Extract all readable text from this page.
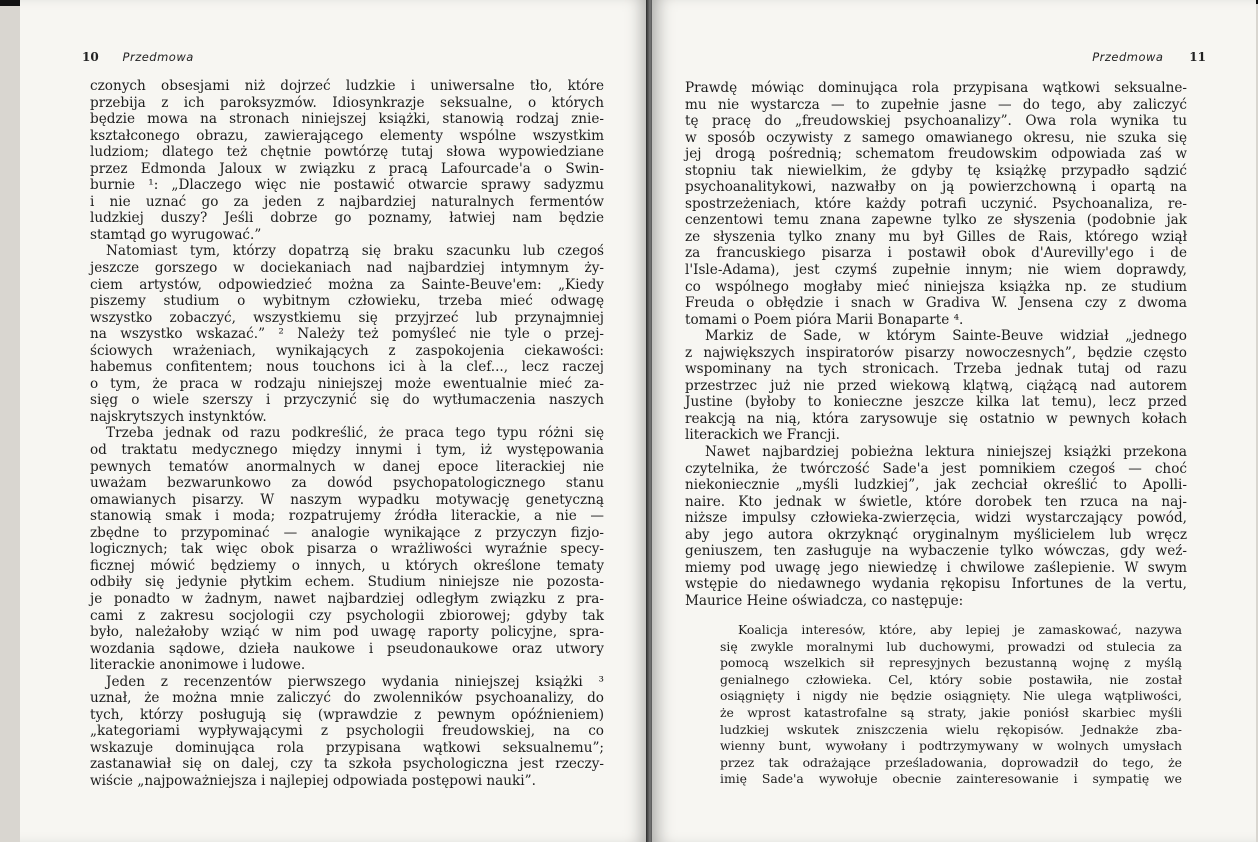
10 Przedmowa

czonych obsesjami niż dojrzeć ludzkie i uniwersalne tło, które

przebija z ich paroksyzmów. Idiosynkrazje seksualne, o których

będzie mowa na stronach niniejszej książki, stanowią rodzaj znie-

kształconego obrazu, zawierającego elementy wspólne wszystkim

ludziom; dlatego też chętnie powtórzę tutaj słowa wypowiedziane

przez Edmonda Jaloux w związku z pracą Lafourcade'a o Swin-

burnie ¹: „Dlaczego więc nie postawić otwarcie sprawy sadyzmu

i nie uznać go za jeden z najbardziej naturalnych fermentów

ludzkiej duszy? Jeśli dobrze go poznamy, łatwiej nam będzie

stamtąd go wyrugować.”

Natomiast tym, którzy dopatrzą się braku szacunku lub czegoś

jeszcze gorszego w dociekaniach nad najbardziej intymnym ży-

ciem artystów, odpowiedzieć można za Sainte-Beuve'em: „Kiedy

piszemy studium o wybitnym człowieku, trzeba mieć odwagę

wszystko zobaczyć, wszystkiemu się przyjrzeć lub przynajmniej

na wszystko wskazać.” ² Należy też pomyśleć nie tyle o przej-

ściowych wrażeniach, wynikających z zaspokojenia ciekawości:

habemus confitentem; nous touchons ici à la clef..., lecz raczej

o tym, że praca w rodzaju niniejszej może ewentualnie mieć za-

sięg o wiele szerszy i przyczynić się do wytłumaczenia naszych

najskrytszych instynktów.

Trzeba jednak od razu podkreślić, że praca tego typu różni się

od traktatu medycznego między innymi i tym, iż występowania

pewnych tematów anormalnych w danej epoce literackiej nie

uważam bezwarunkowo za dowód psychopatologicznego stanu

omawianych pisarzy. W naszym wypadku motywację genetyczną

stanowią smak i moda; rozpatrujemy źródła literackie, a nie —

zbędne to przypominać — analogie wynikające z przyczyn fizjo-

logicznych; tak więc obok pisarza o wrażliwości wyraźnie specy-

ficznej mówić będziemy o innych, u których określone tematy

odbiły się jedynie płytkim echem. Studium niniejsze nie pozosta-

je ponadto w żadnym, nawet najbardziej odległym związku z pra-

cami z zakresu socjologii czy psychologii zbiorowej; gdyby tak

było, należałoby wziąć w nim pod uwagę raporty policyjne, spra-

wozdania sądowe, dzieła naukowe i pseudonaukowe oraz utwory

literackie anonimowe i ludowe.

Jeden z recenzentów pierwszego wydania niniejszej książki ³

uznał, że można mnie zaliczyć do zwolenników psychoanalizy, do

tych, którzy posługują się (wprawdzie z pewnym opóźnieniem)

„kategoriami wypływającymi z psychologii freudowskiej, na co

wskazuje dominująca rola przypisana wątkowi seksualnemu”;

zastanawiał się on dalej, czy ta szkoła psychologiczna jest rzeczy-

wiście „najpoważniejsza i najlepiej odpowiada postępowi nauki”.

Przedmowa 11

Prawdę mówiąc dominująca rola przypisana wątkowi seksualne-

mu nie wystarcza — to zupełnie jasne — do tego, aby zaliczyć

tę pracę do „freudowskiej psychoanalizy”. Owa rola wynika tu

w sposób oczywisty z samego omawianego okresu, nie szuka się

jej drogą pośrednią; schematom freudowskim odpowiada zaś w

stopniu tak niewielkim, że gdyby tę książkę przypadło sądzić

psychoanalitykowi, nazwałby on ją powierzchowną i opartą na

spostrzeżeniach, które każdy potrafi uczynić. Psychoanaliza, re-

cenzentowi temu znana zapewne tylko ze słyszenia (podobnie jak

ze słyszenia tylko znany mu był Gilles de Rais, którego wziął

za francuskiego pisarza i postawił obok d'Aurevilly'ego i de

l'Isle-Adama), jest czymś zupełnie innym; nie wiem doprawdy,

co wspólnego mogłaby mieć niniejsza książka np. ze studium

Freuda o obłędzie i snach w Gradiva W. Jensena czy z dwoma

tomami o Poem pióra Marii Bonaparte ⁴.

Markiz de Sade, w którym Sainte-Beuve widział „jednego

z największych inspiratorów pisarzy nowoczesnych”, będzie często

wspominany na tych stronicach. Trzeba jednak tutaj od razu

przestrzec już nie przed wiekową klątwą, ciążącą nad autorem

Justine (byłoby to konieczne jeszcze kilka lat temu), lecz przed

reakcją na nią, która zarysowuje się ostatnio w pewnych kołach

literackich we Francji.

Nawet najbardziej pobieżna lektura niniejszej książki przekona

czytelnika, że twórczość Sade'a jest pomnikiem czegoś — choć

niekoniecznie „myśli ludzkiej”, jak zechciał określić to Apolli-

naire. Kto jednak w świetle, które dorobek ten rzuca na naj-

niższe impulsy człowieka-zwierzęcia, widzi wystarczający powód,

aby jego autora okrzyknąć oryginalnym myślicielem lub wręcz

geniuszem, ten zasługuje na wybaczenie tylko wówczas, gdy weź-

miemy pod uwagę jego niewiedzę i chwilowe zaślepienie. W swym

wstępie do niedawnego wydania rękopisu Infortunes de la vertu,

Maurice Heine oświadcza, co następuje:

Koalicja interesów, które, aby lepiej je zamaskować, nazywa

się zwykle moralnymi lub duchowymi, prowadzi od stulecia za

pomocą wszelkich sił represyjnych bezustanną wojnę z myślą

genialnego człowieka. Cel, który sobie postawiła, nie został

osiągnięty i nigdy nie będzie osiągnięty. Nie ulega wątpliwości,

że wprost katastrofalne są straty, jakie poniósł skarbiec myśli

ludzkiej wskutek zniszczenia wielu rękopisów. Jednakże zba-

wienny bunt, wywołany i podtrzymywany w wolnych umysłach

przez tak odrażające prześladowania, doprowadził do tego, że

imię Sade'a wywołuje obecnie zainteresowanie i sympatię we
